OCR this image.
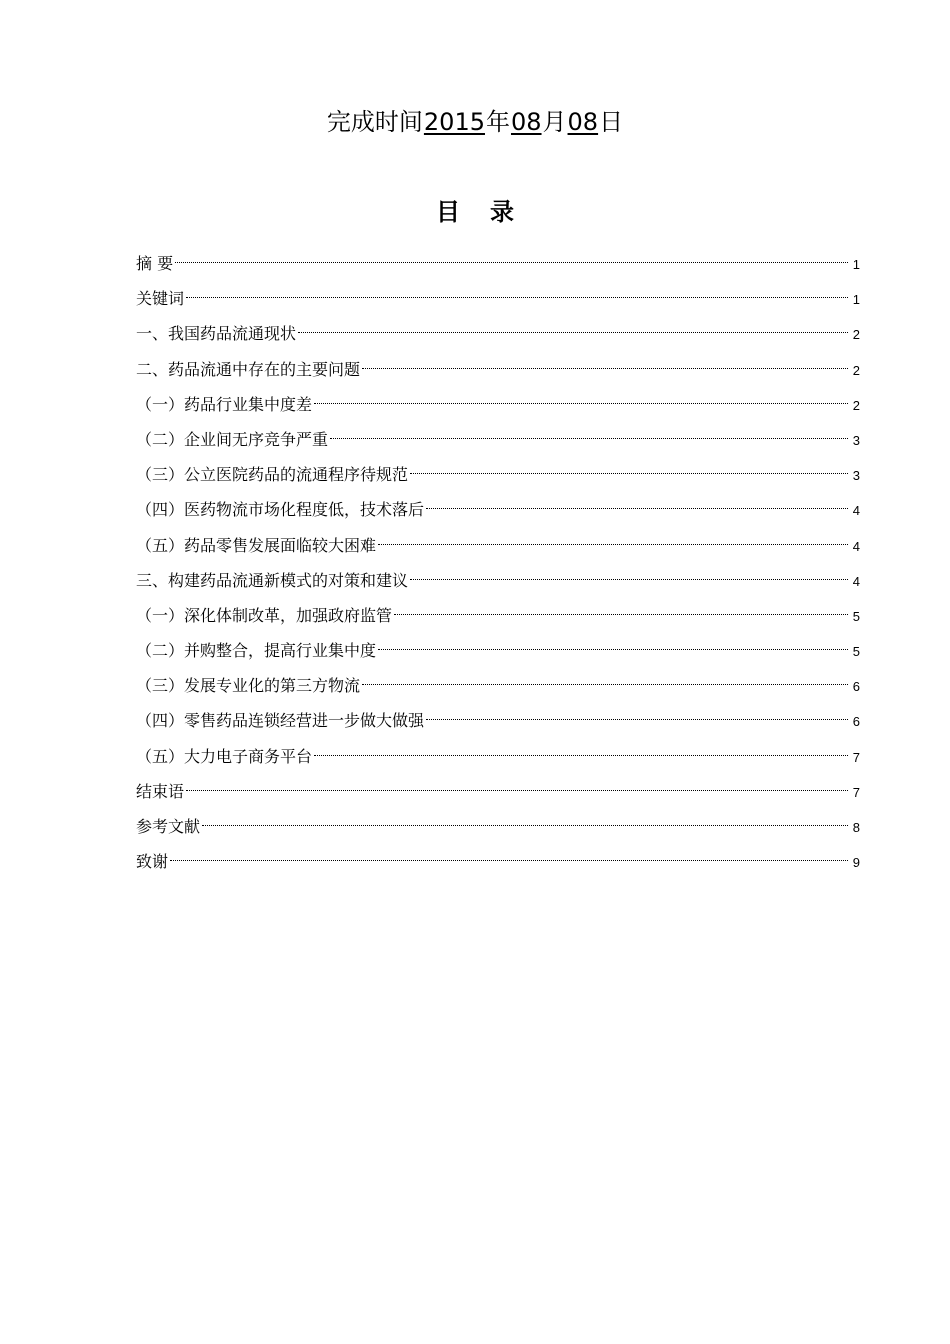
完成时间2015年08月08日
目录
摘 要	1
关键词	1
一、我国药品流通现状	2
二、药品流通中存在的主要问题	2
（一）药品行业集中度差	2
（二）企业间无序竞争严重	3
（三）公立医院药品的流通程序待规范	3
（四）医药物流市场化程度低，技术落后	4
（五）药品零售发展面临较大困难	4
三、构建药品流通新模式的对策和建议	4
（一）深化体制改革，加强政府监管	5
（二）并购整合，提高行业集中度	5
（三）发展专业化的第三方物流	6
（四）零售药品连锁经营进一步做大做强	6
（五）大力电子商务平台	7
结束语	7
参考文献	8
致谢	9
